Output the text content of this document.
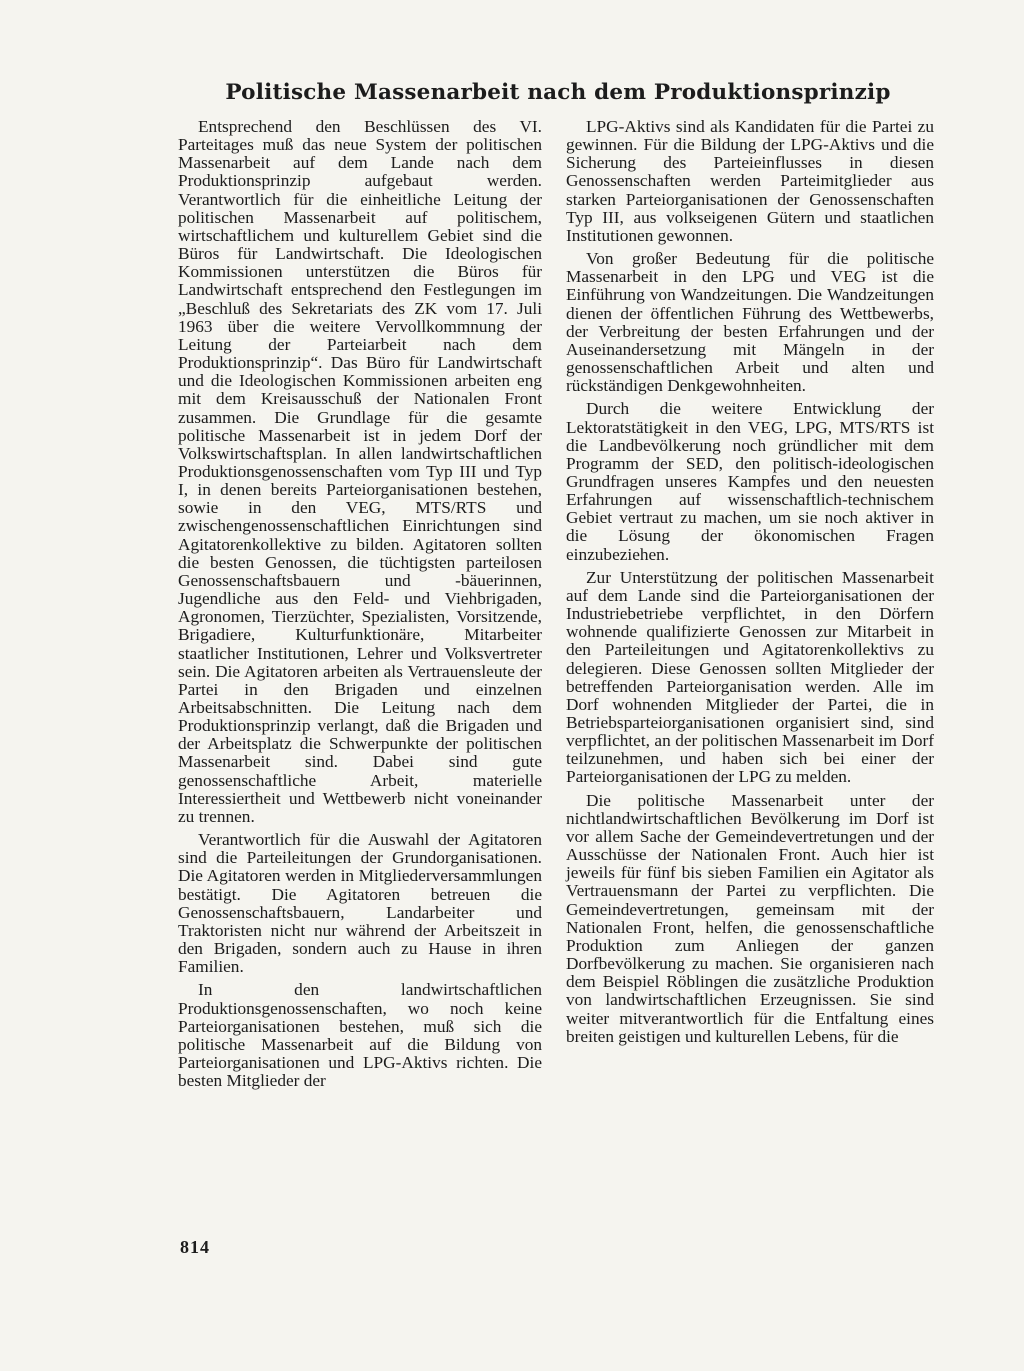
Politische Massenarbeit nach dem Produktionsprinzip

Entsprechend den Beschlüssen des VI. Parteitages muß das neue System der politischen Massenarbeit auf dem Lande nach dem Produktionsprinzip aufgebaut werden. Verantwortlich für die einheitliche Leitung der politischen Massenarbeit auf politischem, wirtschaftlichem und kulturellem Gebiet sind die Büros für Landwirtschaft. Die Ideologischen Kommissionen unterstützen die Büros für Landwirtschaft entsprechend den Festlegungen im „Beschluß des Sekretariats des ZK vom 17. Juli 1963 über die weitere Vervollkommnung der Leitung der Parteiarbeit nach dem Produktionsprinzip“. Das Büro für Landwirtschaft und die Ideologischen Kommissionen arbeiten eng mit dem Kreisausschuß der Nationalen Front zusammen. Die Grundlage für die gesamte politische Massenarbeit ist in jedem Dorf der Volkswirtschaftsplan. In allen landwirtschaftlichen Produktionsgenossenschaften vom Typ III und Typ I, in denen bereits Parteiorganisationen bestehen, sowie in den VEG, MTS/RTS und zwischengenossenschaftlichen Einrichtungen sind Agitatorenkollektive zu bilden. Agitatoren sollten die besten Genossen, die tüchtigsten parteilosen Genossenschaftsbauern und -bäuerinnen, Jugendliche aus den Feld- und Viehbrigaden, Agronomen, Tierzüchter, Spezialisten, Vorsitzende, Brigadiere, Kulturfunktionäre, Mitarbeiter staatlicher Institutionen, Lehrer und Volksvertreter sein. Die Agitatoren arbeiten als Vertrauensleute der Partei in den Brigaden und einzelnen Arbeitsabschnitten. Die Leitung nach dem Produktionsprinzip verlangt, daß die Brigaden und der Arbeitsplatz die Schwerpunkte der politischen Massenarbeit sind. Dabei sind gute genossenschaftliche Arbeit, materielle Interessiertheit und Wettbewerb nicht voneinander zu trennen.

Verantwortlich für die Auswahl der Agitatoren sind die Parteileitungen der Grundorganisationen. Die Agitatoren werden in Mitgliederversammlungen bestätigt. Die Agitatoren betreuen die Genossenschaftsbauern, Landarbeiter und Traktoristen nicht nur während der Arbeitszeit in den Brigaden, sondern auch zu Hause in ihren Familien.

In den landwirtschaftlichen Produktionsgenossenschaften, wo noch keine Parteiorganisationen bestehen, muß sich die politische Massenarbeit auf die Bildung von Parteiorganisationen und LPG-Aktivs richten. Die besten Mitglieder der

LPG-Aktivs sind als Kandidaten für die Partei zu gewinnen. Für die Bildung der LPG-Aktivs und die Sicherung des Parteieinflusses in diesen Genossenschaften werden Parteimitglieder aus starken Parteiorganisationen der Genossenschaften Typ III, aus volkseigenen Gütern und staatlichen Institutionen gewonnen.

Von großer Bedeutung für die politische Massenarbeit in den LPG und VEG ist die Einführung von Wandzeitungen. Die Wandzeitungen dienen der öffentlichen Führung des Wettbewerbs, der Verbreitung der besten Erfahrungen und der Auseinandersetzung mit Mängeln in der genossenschaftlichen Arbeit und alten und rückständigen Denkgewohnheiten.

Durch die weitere Entwicklung der Lektoratstätigkeit in den VEG, LPG, MTS/RTS ist die Landbevölkerung noch gründlicher mit dem Programm der SED, den politisch-ideologischen Grundfragen unseres Kampfes und den neuesten Erfahrungen auf wissenschaftlich-technischem Gebiet vertraut zu machen, um sie noch aktiver in die Lösung der ökonomischen Fragen einzubeziehen.

Zur Unterstützung der politischen Massenarbeit auf dem Lande sind die Parteiorganisationen der Industriebetriebe verpflichtet, in den Dörfern wohnende qualifizierte Genossen zur Mitarbeit in den Parteileitungen und Agitatorenkollektivs zu delegieren. Diese Genossen sollten Mitglieder der betreffenden Parteiorganisation werden. Alle im Dorf wohnenden Mitglieder der Partei, die in Betriebsparteiorganisationen organisiert sind, sind verpflichtet, an der politischen Massenarbeit im Dorf teilzunehmen, und haben sich bei einer der Parteiorganisationen der LPG zu melden.

Die politische Massenarbeit unter der nichtlandwirtschaftlichen Bevölkerung im Dorf ist vor allem Sache der Gemeindevertretungen und der Ausschüsse der Nationalen Front. Auch hier ist jeweils für fünf bis sieben Familien ein Agitator als Vertrauensmann der Partei zu verpflichten. Die Gemeindevertretungen, gemeinsam mit der Nationalen Front, helfen, die genossenschaftliche Produktion zum Anliegen der ganzen Dorfbevölkerung zu machen. Sie organisieren nach dem Beispiel Röblingen die zusätzliche Produktion von landwirtschaftlichen Erzeugnissen. Sie sind weiter mitverantwortlich für die Entfaltung eines breiten geistigen und kulturellen Lebens, für die

814
